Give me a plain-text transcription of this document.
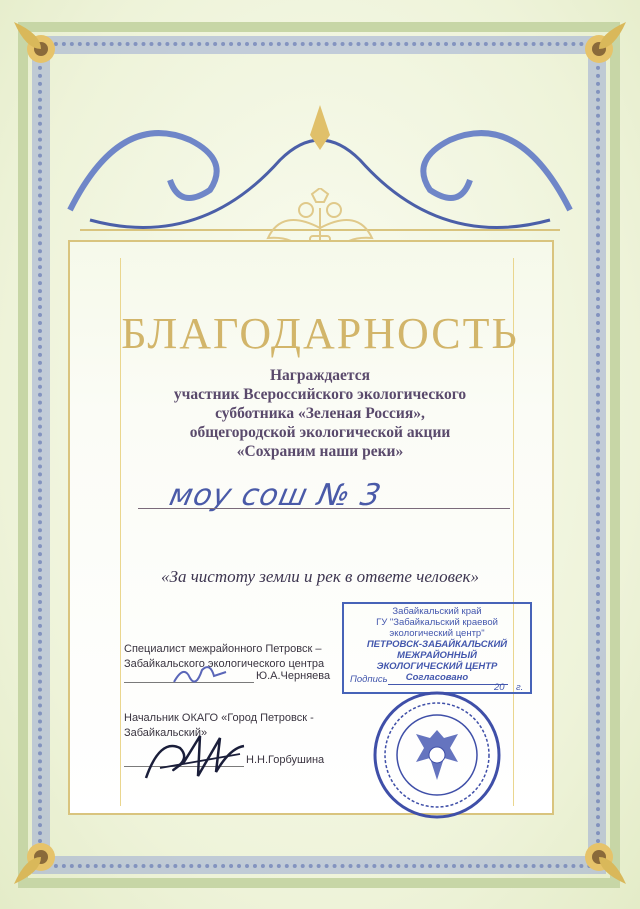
БЛАГОДАРНОСТЬ
Награждается
участник Всероссийского экологического
субботника «Зеленая Россия»,
общегородской экологической акции
«Сохраним наши реки»
моу сош № 3
«За чистоту земли и рек в ответе человек»
Специалист межрайонного Петровск –
Забайкальского экологического центра
Ю.А.Черняева
Начальник ОКАГО «Город Петровск -
Забайкальский»
Н.Н.Горбушина
Забайкальский край
ГУ "Забайкальский краевой экологический центр"
ПЕТРОВСК-ЗАБАЙКАЛЬСКИЙ
МЕЖРАЙОННЫЙ
ЭКОЛОГИЧЕСКИЙ ЦЕНТР
Согласовано
Подпись
20 г.
